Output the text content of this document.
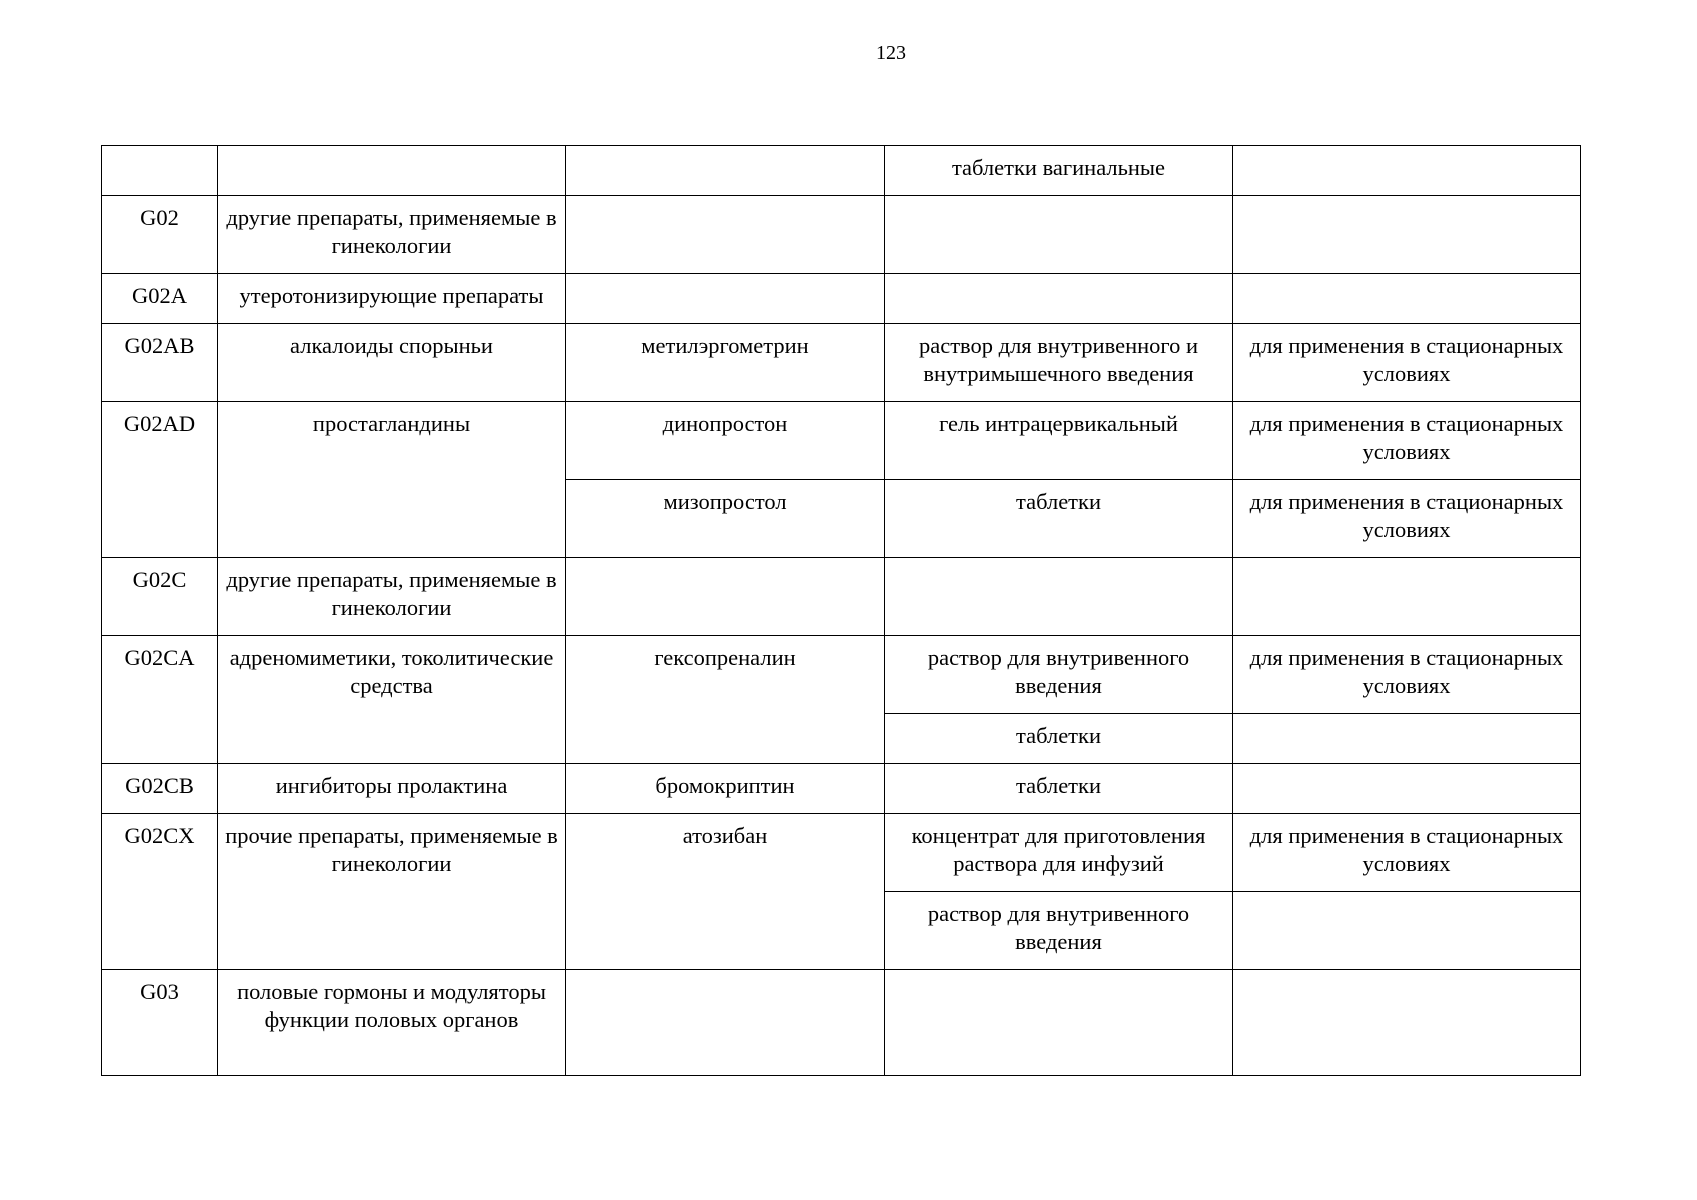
123
			таблетки вагинальные	
G02	другие препараты, применяемые в гинекологии			
G02A	утеротонизирующие препараты			
G02AB	алкалоиды спорыньи	метилэргометрин	раствор для внутривенного и внутримышечного введения	для применения в стационарных условиях
G02AD	простагландины	динопростон	гель интрацервикальный	для применения в стационарных условиях
		мизопростол	таблетки	для применения в стационарных условиях
G02C	другие препараты, применяемые в гинекологии			
G02CA	адреномиметики, токолитические средства	гексопреналин	раствор для внутривенного введения	для применения в стационарных условиях
			таблетки	
G02CB	ингибиторы пролактина	бромокриптин	таблетки	
G02CX	прочие препараты, применяемые в гинекологии	атозибан	концентрат для приготовления раствора для инфузий	для применения в стационарных условиях
			раствор для внутривенного введения	
G03	половые гормоны и модуляторы функции половых органов			
